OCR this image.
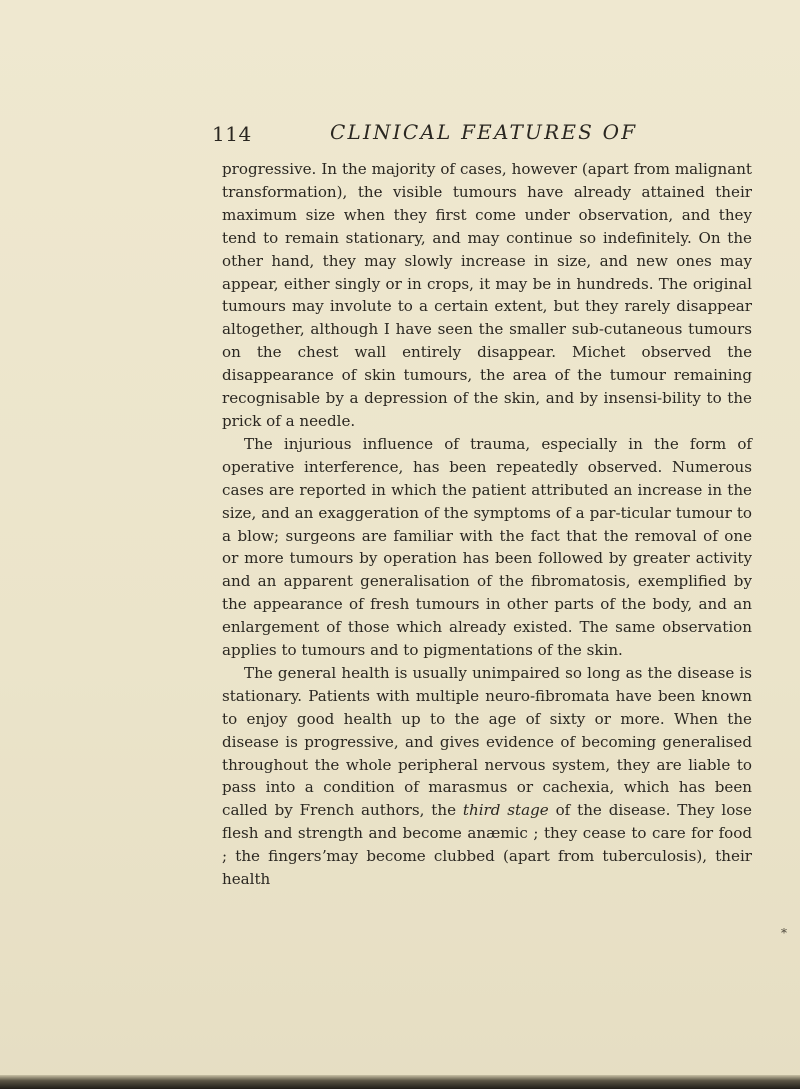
114	CLINICAL FEATURES OF

progressive. In the majority of cases, however (apart from malignant transformation), the visible tumours have already attained their maximum size when they first come under observation, and they tend to remain stationary, and may continue so indefinitely. On the other hand, they may slowly increase in size, and new ones may appear, either singly or in crops, it may be in hundreds. The original tumours may involute to a certain extent, but they rarely disappear altogether, although I have seen the smaller sub-cutaneous tumours on the chest wall entirely disappear. Michet observed the disappearance of skin tumours, the area of the tumour remaining recognisable by a depression of the skin, and by insensi-bility to the prick of a needle.

The injurious influence of trauma, especially in the form of operative interference, has been repeatedly observed. Numerous cases are reported in which the patient attributed an increase in the size, and an exaggeration of the symptoms of a par-ticular tumour to a blow; surgeons are familiar with the fact that the removal of one or more tumours by operation has been followed by greater activity and an apparent generalisation of the fibromatosis, exemplified by the appearance of fresh tumours in other parts of the body, and an enlargement of those which already existed. The same observation applies to tumours and to pigmentations of the skin.

The general health is usually unimpaired so long as the disease is stationary. Patients with multiple neuro-fibromata have been known to enjoy good health up to the age of sixty or more. When the disease is progressive, and gives evidence of becoming generalised throughout the whole peripheral nervous system, they are liable to pass into a condition of marasmus or cachexia, which has been called by French authors, the third stage of the disease. They lose flesh and strength and become anæmic ; they cease to care for food ; the fingersʼmay become clubbed (apart from tuberculosis), their health

*
